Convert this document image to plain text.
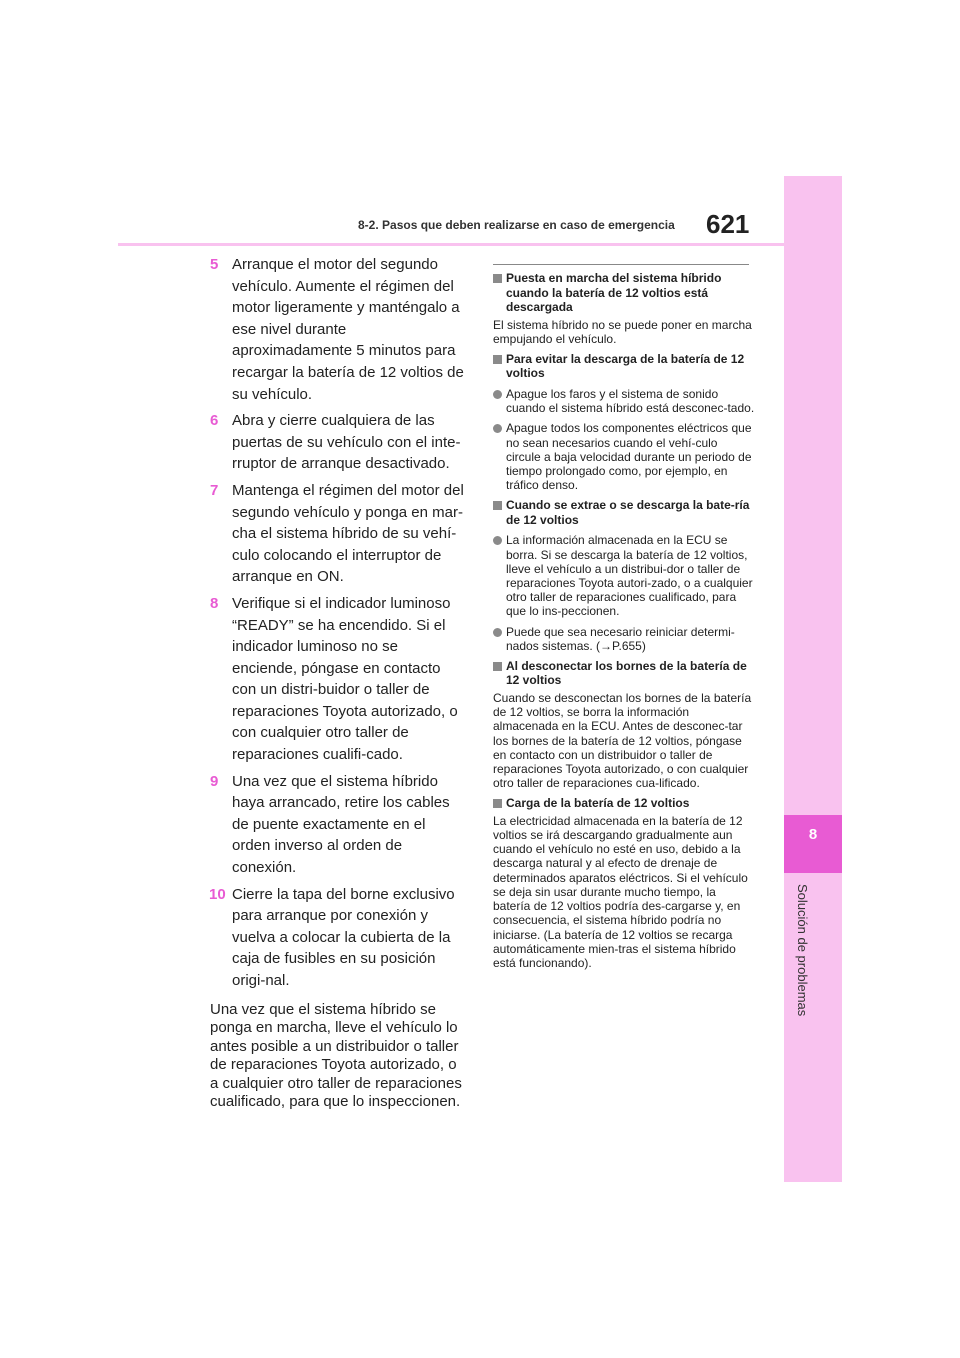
8
Solución de problemas
8-2. Pasos que deben realizarse en caso de emergencia 621
5 Arranque el motor del segundo vehículo. Aumente el régimen del motor ligeramente y manténgalo a ese nivel durante aproximadamente 5 minutos para recargar la batería de 12 voltios de su vehículo.
6 Abra y cierre cualquiera de las puertas de su vehículo con el inte-rruptor de arranque desactivado.
7 Mantenga el régimen del motor del segundo vehículo y ponga en mar-cha el sistema híbrido de su vehí-culo colocando el interruptor de arranque en ON.
8 Verifique si el indicador luminoso “READY” se ha encendido. Si el indicador luminoso no se enciende, póngase en contacto con un distri-buidor o taller de reparaciones Toyota autorizado, o con cualquier otro taller de reparaciones cualifi-cado.
9 Una vez que el sistema híbrido haya arrancado, retire los cables de puente exactamente en el orden inverso al orden de conexión.
10 Cierre la tapa del borne exclusivo para arranque por conexión y vuelva a colocar la cubierta de la caja de fusibles en su posición origi-nal.
Una vez que el sistema híbrido se ponga en marcha, lleve el vehículo lo antes posible a un distribuidor o taller de reparaciones Toyota autorizado, o a cualquier otro taller de reparaciones cualificado, para que lo inspeccionen.
Puesta en marcha del sistema híbrido cuando la batería de 12 voltios está descargada
El sistema híbrido no se puede poner en marcha empujando el vehículo.
Para evitar la descarga de la batería de 12 voltios
Apague los faros y el sistema de sonido cuando el sistema híbrido está desconec-tado.
Apague todos los componentes eléctricos que no sean necesarios cuando el vehí-culo circule a baja velocidad durante un periodo de tiempo prolongado como, por ejemplo, en tráfico denso.
Cuando se extrae o se descarga la bate-ría de 12 voltios
La información almacenada en la ECU se borra. Si se descarga la batería de 12 voltios, lleve el vehículo a un distribui-dor o taller de reparaciones Toyota autori-zado, o a cualquier otro taller de reparaciones cualificado, para que lo ins-peccionen.
Puede que sea necesario reiniciar determi-nados sistemas. (→P.655)
Al desconectar los bornes de la batería de 12 voltios
Cuando se desconectan los bornes de la batería de 12 voltios, se borra la información almacenada en la ECU. Antes de desconec-tar los bornes de la batería de 12 voltios, póngase en contacto con un distribuidor o taller de reparaciones Toyota autorizado, o con cualquier otro taller de reparaciones cua-lificado.
Carga de la batería de 12 voltios
La electricidad almacenada en la batería de 12 voltios se irá descargando gradualmente aun cuando el vehículo no esté en uso, debido a la descarga natural y al efecto de drenaje de determinados aparatos eléctricos. Si el vehículo se deja sin usar durante mucho tiempo, la batería de 12 voltios podría des-cargarse y, en consecuencia, el sistema híbrido podría no iniciarse. (La batería de 12 voltios se recarga automáticamente mien-tras el sistema híbrido está funcionando).
